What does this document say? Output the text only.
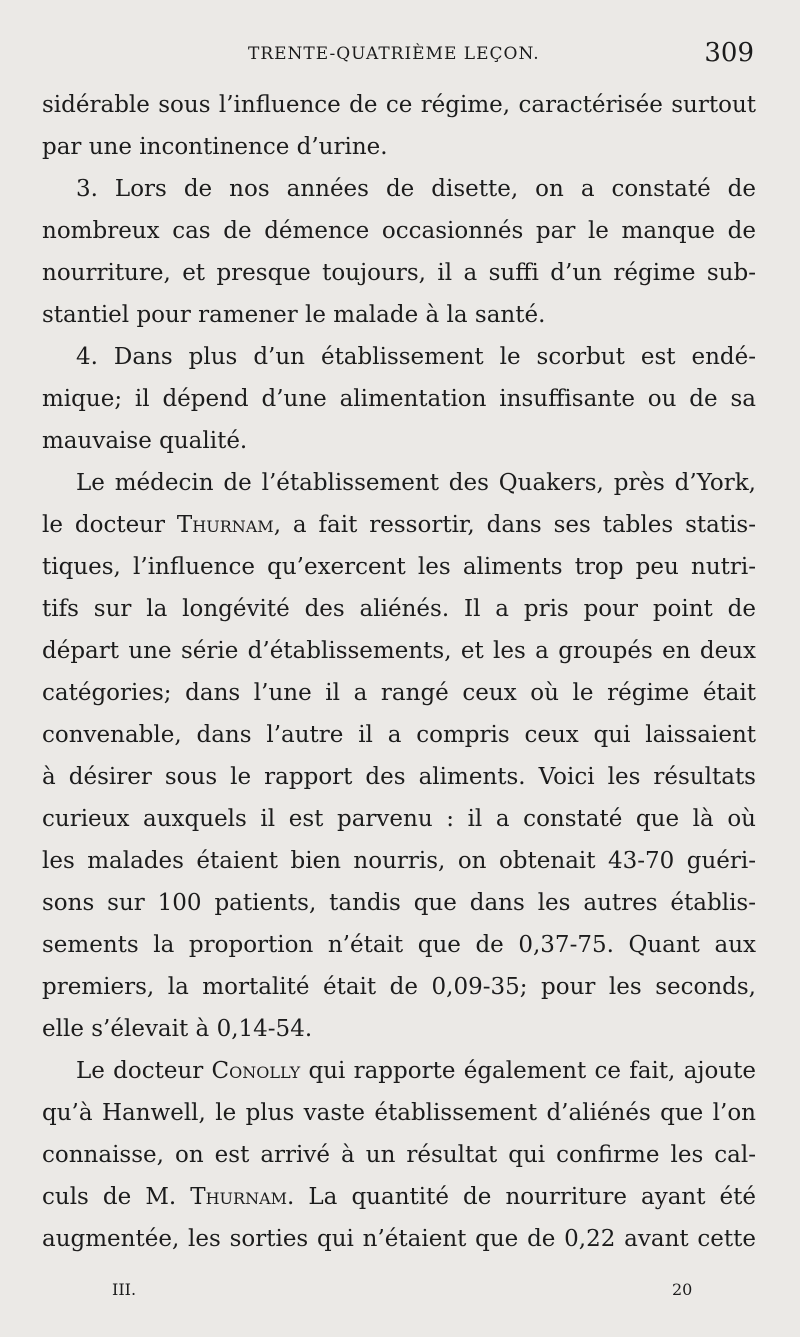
TRENTE-QUATRIÈME LEÇON.	309
sidérable sous l’influence de ce régime, caractérisée surtout
par une incontinence d’urine.
3. Lors de nos années de disette, on a constaté de
nombreux cas de démence occasionnés par le manque de
nourriture, et presque toujours, il a suffi d’un régime sub-
stantiel pour ramener le malade à la santé.
4. Dans plus d’un établissement le scorbut est endé-
mique; il dépend d’une alimentation insuffisante ou de sa
mauvaise qualité.
Le médecin de l’établissement des Quakers, près d’York,
le docteur Thurnam, a fait ressortir, dans ses tables statis-
tiques, l’influence qu’exercent les aliments trop peu nutri-
tifs sur la longévité des aliénés. Il a pris pour point de
départ une série d’établissements, et les a groupés en deux
catégories; dans l’une il a rangé ceux où le régime était
convenable, dans l’autre il a compris ceux qui laissaient
à désirer sous le rapport des aliments. Voici les résultats
curieux auxquels il est parvenu : il a constaté que là où
les malades étaient bien nourris, on obtenait 43-70 guéri-
sons sur 100 patients, tandis que dans les autres établis-
sements la proportion n’était que de 0,37-75. Quant aux
premiers, la mortalité était de 0,09-35; pour les seconds,
elle s’élevait à 0,14-54.
Le docteur Conolly qui rapporte également ce fait, ajoute
qu’à Hanwell, le plus vaste établissement d’aliénés que l’on
connaisse, on est arrivé à un résultat qui confirme les cal-
culs de M. Thurnam. La quantité de nourriture ayant été
augmentée, les sorties qui n’étaient que de 0,22 avant cette
III.	20
